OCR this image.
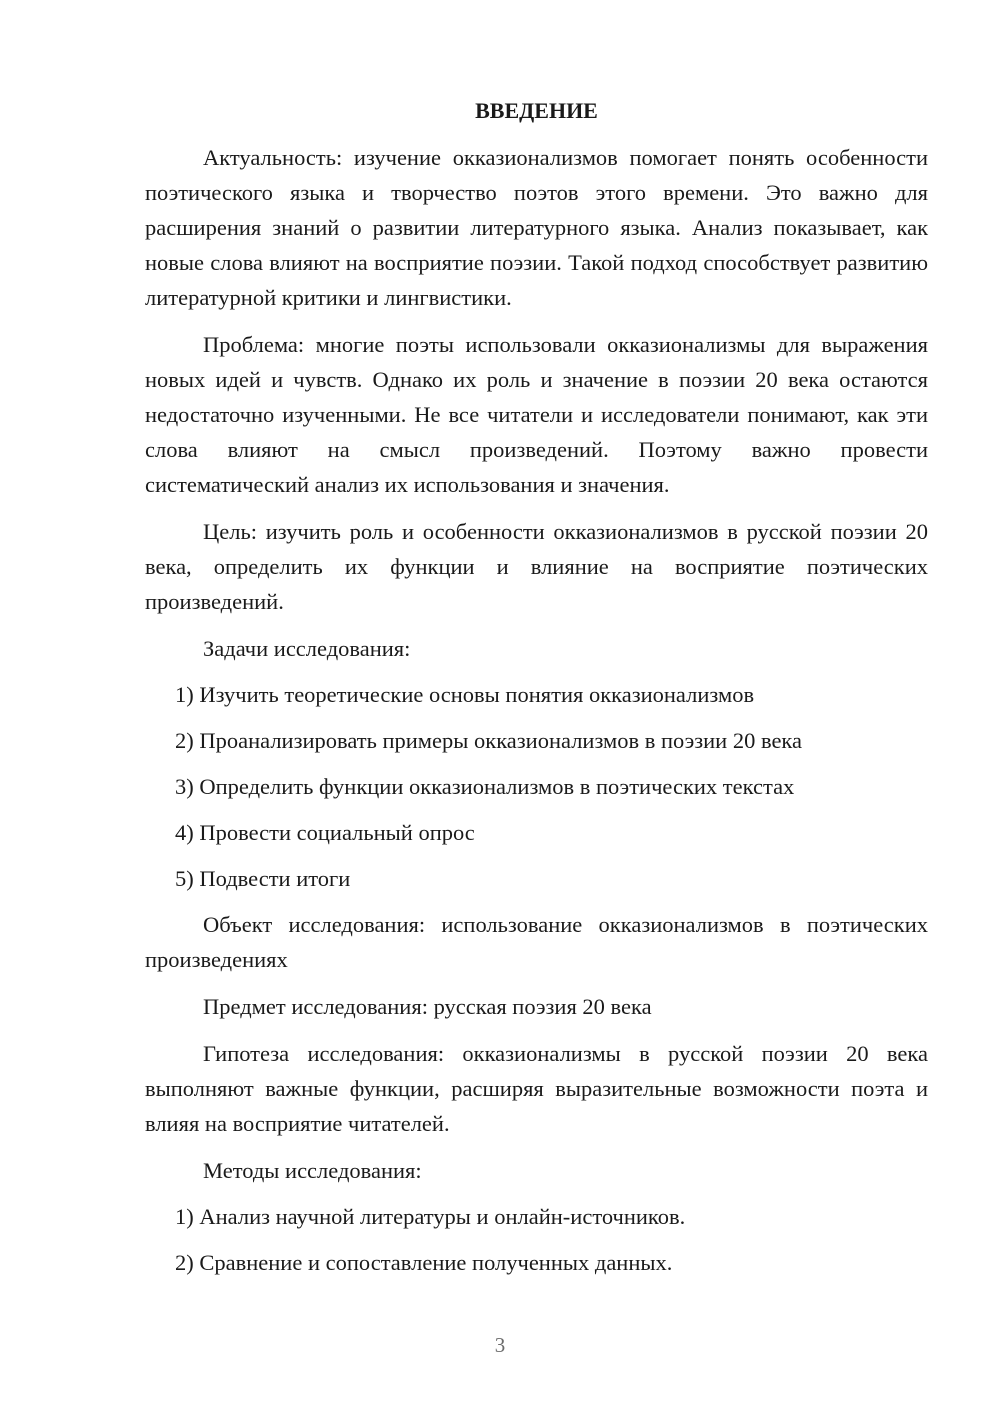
ВВЕДЕНИЕ

Актуальность: изучение окказионализмов помогает понять особенности поэтического языка и творчество поэтов этого времени. Это важно для расширения знаний о развитии литературного языка. Анализ показывает, как новые слова влияют на восприятие поэзии. Такой подход способствует развитию литературной критики и лингвистики.

Проблема: многие поэты использовали окказионализмы для выражения новых идей и чувств. Однако их роль и значение в поэзии 20 века остаются недостаточно изученными. Не все читатели и исследователи понимают, как эти слова влияют на смысл произведений. Поэтому важно провести систематический анализ их использования и значения.

Цель: изучить роль и особенности окказионализмов в русской поэзии 20 века, определить их функции и влияние на восприятие поэтических произведений.

Задачи исследования:

1) Изучить теоретические основы понятия окказионализмов
2) Проанализировать примеры окказионализмов в поэзии 20 века
3) Определить функции окказионализмов в поэтических текстах
4) Провести социальный опрос
5) Подвести итоги

Объект исследования: использование окказионализмов в поэтических произведениях

Предмет исследования: русская поэзия 20 века

Гипотеза исследования: окказионализмы в русской поэзии 20 века выполняют важные функции, расширяя выразительные возможности поэта и влияя на восприятие читателей.

Методы исследования:

1) Анализ научной литературы и онлайн-источников.
2) Сравнение и сопоставление полученных данных.
3
